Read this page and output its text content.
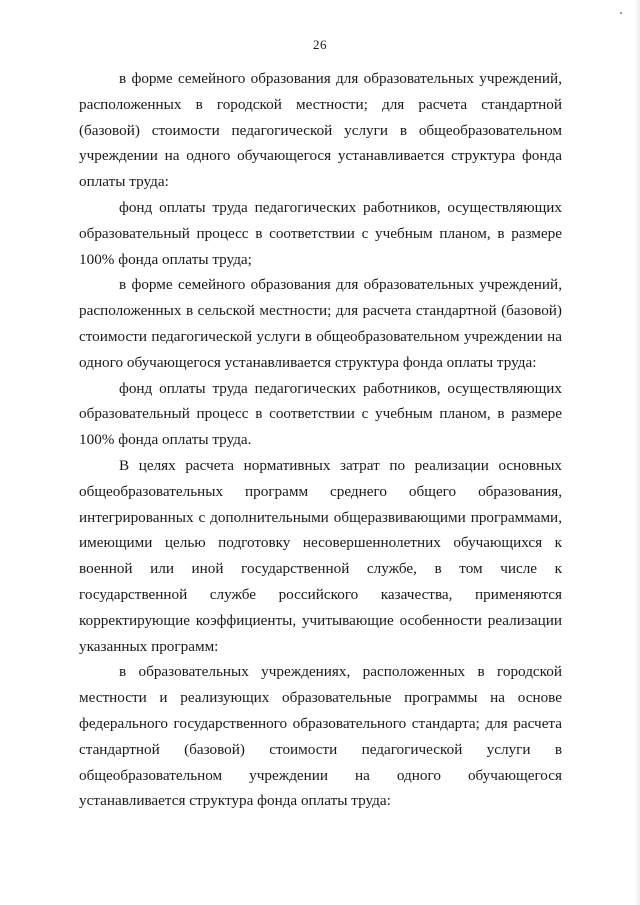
26

в форме семейного образования для образовательных учреждений, расположенных в городской местности; для расчета стандартной (базовой) стоимости педагогической услуги в общеобразовательном учреждении на одного обучающегося устанавливается структура фонда оплаты труда:

фонд оплаты труда педагогических работников, осуществляющих образовательный процесс в соответствии с учебным планом, в размере 100% фонда оплаты труда;

в форме семейного образования для образовательных учреждений, расположенных в сельской местности; для расчета стандартной (базовой) стоимости педагогической услуги в общеобразовательном учреждении на одного обучающегося устанавливается структура фонда оплаты труда:

фонд оплаты труда педагогических работников, осуществляющих образовательный процесс в соответствии с учебным планом, в размере 100% фонда оплаты труда.

В целях расчета нормативных затрат по реализации основных общеобразовательных программ среднего общего образования, интегрированных с дополнительными общеразвивающими программами, имеющими целью подготовку несовершеннолетних обучающихся к военной или иной государственной службе, в том числе к государственной службе российского казачества, применяются корректирующие коэффициенты, учитывающие особенности реализации указанных программ:

в образовательных учреждениях, расположенных в городской местности и реализующих образовательные программы на основе федерального государственного образовательного стандарта; для расчета стандартной (базовой) стоимости педагогической услуги в общеобразовательном учреждении на одного обучающегося устанавливается структура фонда оплаты труда:
